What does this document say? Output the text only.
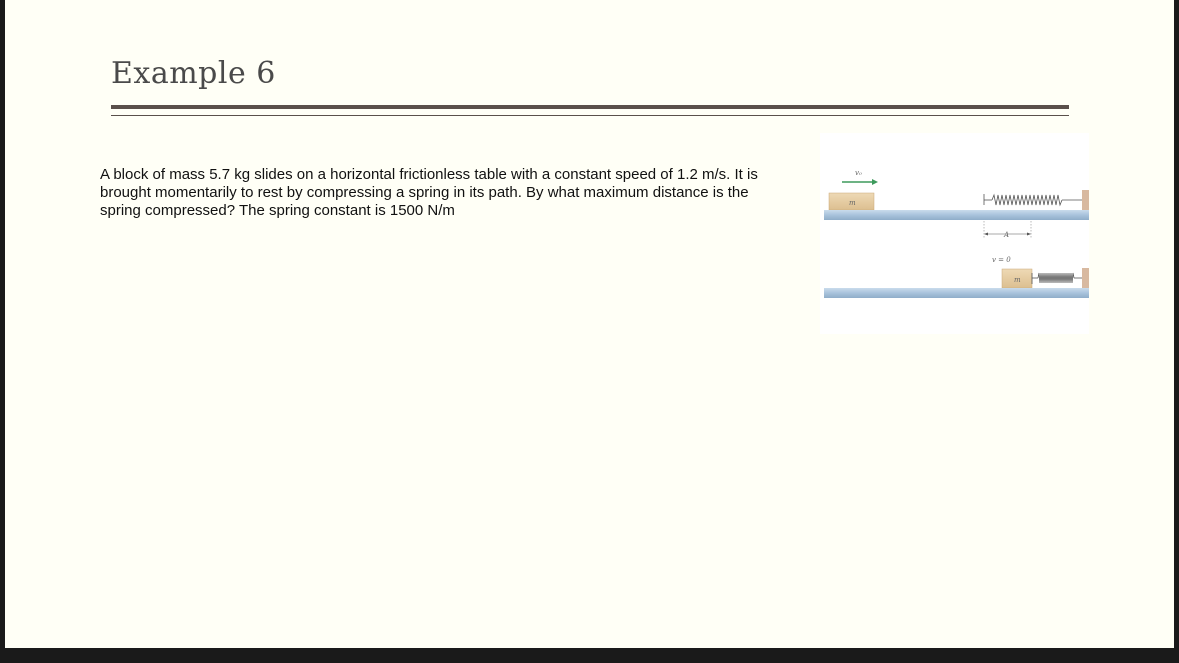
Example 6
A block of mass 5.7 kg slides on a horizontal frictionless table with a constant speed of 1.2 m/s. It is brought momentarily to rest by compressing a spring in its path. By what maximum distance is the spring compressed? The spring constant is 1500 N/m
v₀
m
A
v = 0
m
